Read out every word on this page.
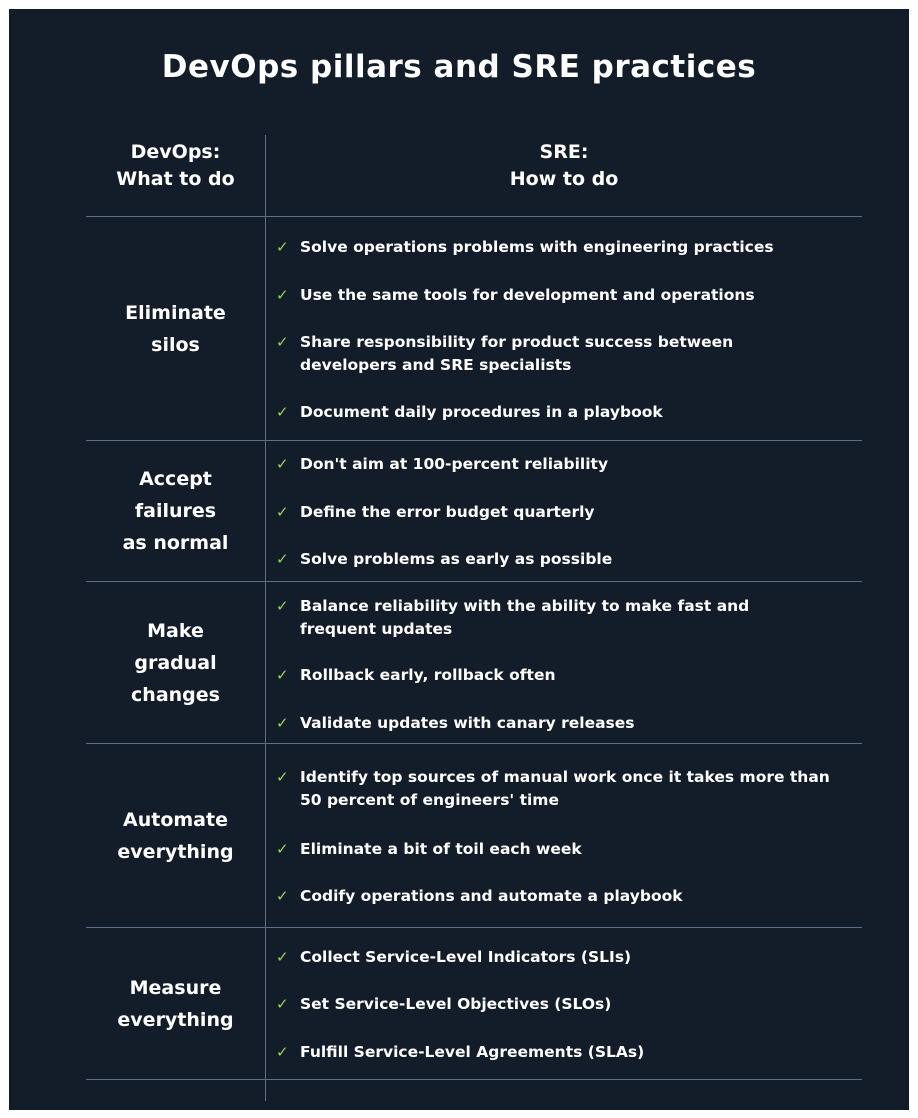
DevOps pillars and SRE practices
DevOps:
What to do
SRE:
How to do
Eliminate
silos
✓ Solve operations problems with engineering practices
✓ Use the same tools for development and operations
✓ Share responsibility for product success between developers and SRE specialists
✓ Document daily procedures in a playbook
Accept
failures
as normal
✓ Don't aim at 100-percent reliability
✓ Define the error budget quarterly
✓ Solve problems as early as possible
Make
gradual
changes
✓ Balance reliability with the ability to make fast and frequent updates
✓ Rollback early, rollback often
✓ Validate updates with canary releases
Automate
everything
✓ Identify top sources of manual work once it takes more than 50 percent of engineers' time
✓ Eliminate a bit of toil each week
✓ Codify operations and automate a playbook
Measure
everything
✓ Collect Service-Level Indicators (SLIs)
✓ Set Service-Level Objectives (SLOs)
✓ Fulfill Service-Level Agreements (SLAs)
